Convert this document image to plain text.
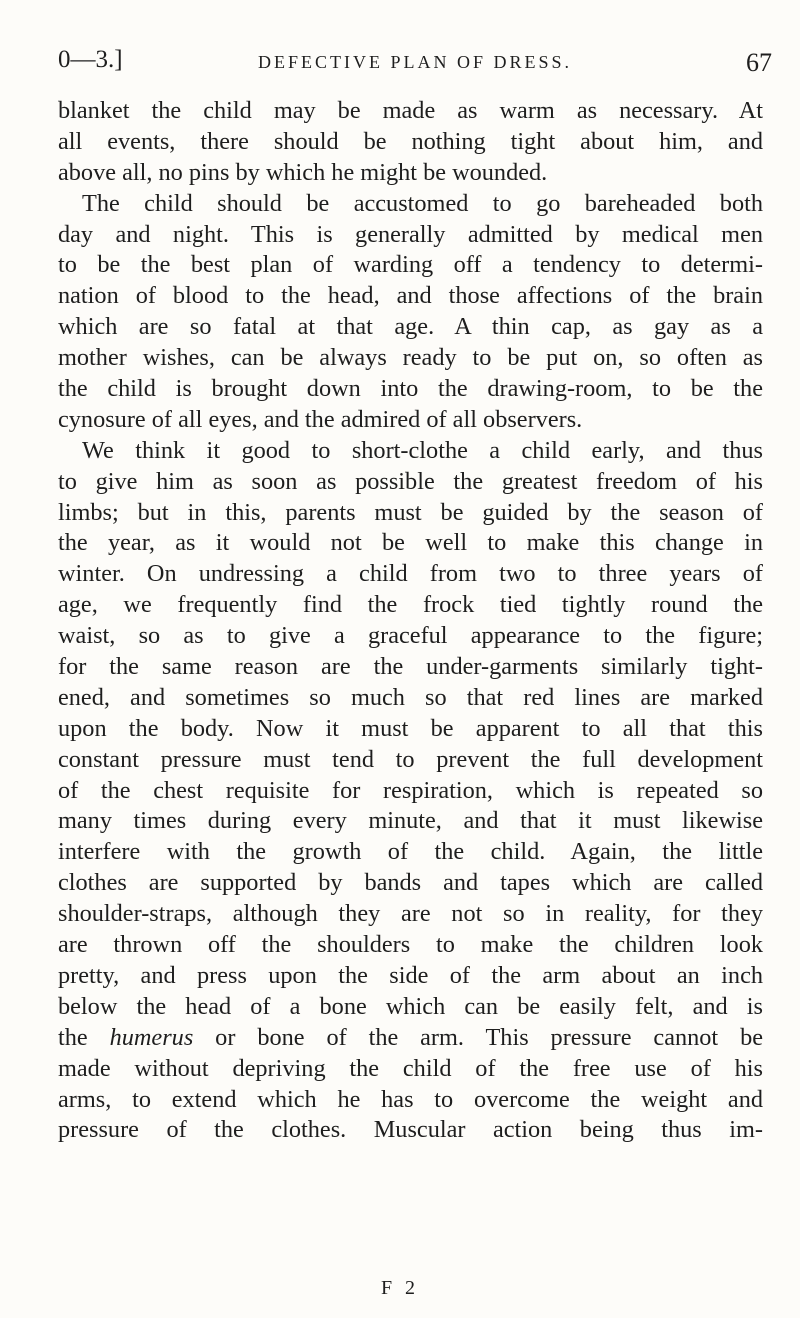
0—3.]	DEFECTIVE PLAN OF DRESS.	67
blanket the child may be made as warm as necessary. At
all events, there should be nothing tight about him, and
above all, no pins by which he might be wounded.
The child should be accustomed to go bareheaded both
day and night. This is generally admitted by medical men
to be the best plan of warding off a tendency to determi-
nation of blood to the head, and those affections of the brain
which are so fatal at that age. A thin cap, as gay as a
mother wishes, can be always ready to be put on, so often as
the child is brought down into the drawing-room, to be the
cynosure of all eyes, and the admired of all observers.
We think it good to short-clothe a child early, and thus
to give him as soon as possible the greatest freedom of his
limbs; but in this, parents must be guided by the season of
the year, as it would not be well to make this change in
winter. On undressing a child from two to three years of
age, we frequently find the frock tied tightly round the
waist, so as to give a graceful appearance to the figure;
for the same reason are the under-garments similarly tight-
ened, and sometimes so much so that red lines are marked
upon the body. Now it must be apparent to all that this
constant pressure must tend to prevent the full development
of the chest requisite for respiration, which is repeated so
many times during every minute, and that it must likewise
interfere with the growth of the child. Again, the little
clothes are supported by bands and tapes which are called
shoulder-straps, although they are not so in reality, for they
are thrown off the shoulders to make the children look
pretty, and press upon the side of the arm about an inch
below the head of a bone which can be easily felt, and is
the humerus or bone of the arm. This pressure cannot be
made without depriving the child of the free use of his
arms, to extend which he has to overcome the weight and
pressure of the clothes. Muscular action being thus im-
F 2
